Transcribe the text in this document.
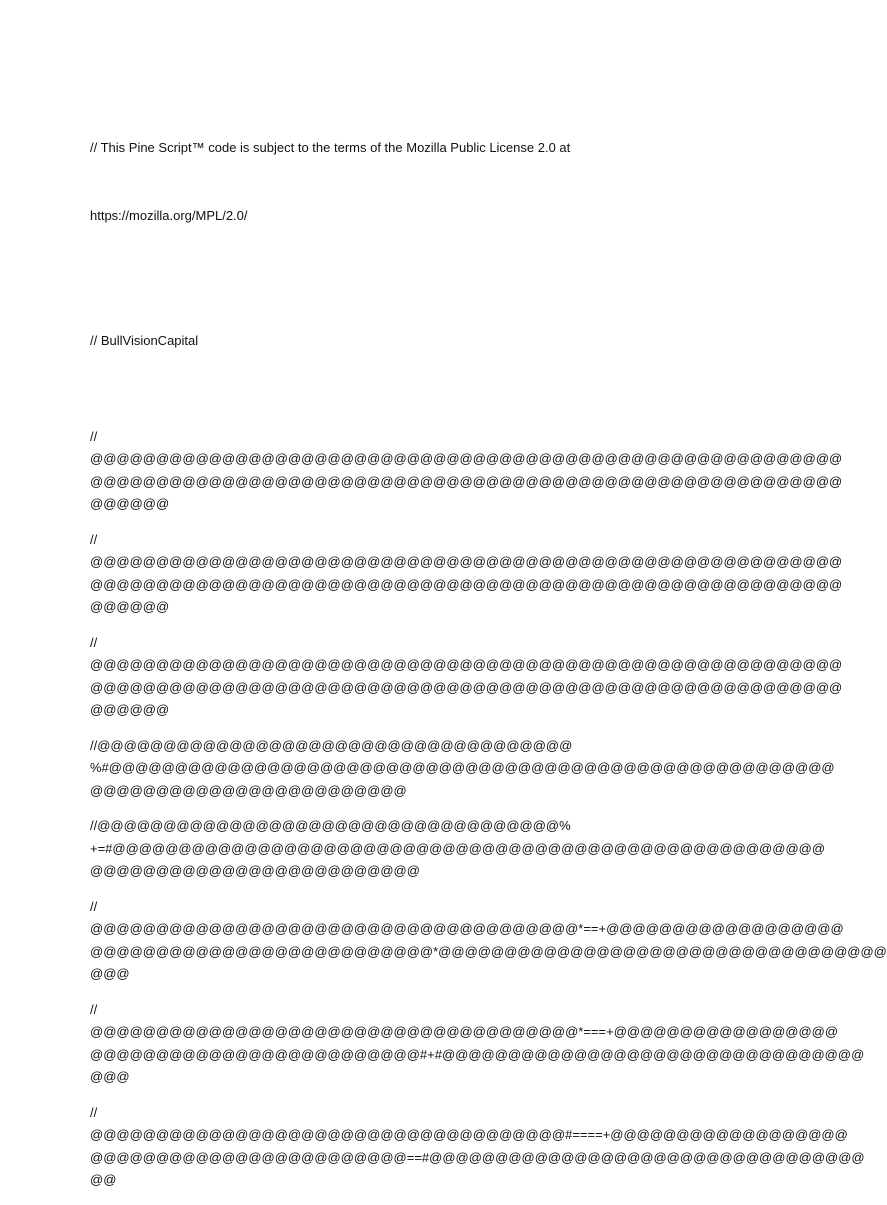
// This Pine Script™ code is subject to the terms of the Mozilla Public License 2.0 at

https://mozilla.org/MPL/2.0/

// BullVisionCapital

//
@@@@@@@@@@@@@@@@@@@@@@@@@@@@@@@@@@@@@@@@@@@@@@@@@@@@@@@@@
@@@@@@@@@@@@@@@@@@@@@@@@@@@@@@@@@@@@@@@@@@@@@@@@@@@@@@@@@
@@@@@@

//
@@@@@@@@@@@@@@@@@@@@@@@@@@@@@@@@@@@@@@@@@@@@@@@@@@@@@@@@@
@@@@@@@@@@@@@@@@@@@@@@@@@@@@@@@@@@@@@@@@@@@@@@@@@@@@@@@@@
@@@@@@

//
@@@@@@@@@@@@@@@@@@@@@@@@@@@@@@@@@@@@@@@@@@@@@@@@@@@@@@@@@
@@@@@@@@@@@@@@@@@@@@@@@@@@@@@@@@@@@@@@@@@@@@@@@@@@@@@@@@@
@@@@@@

//@@@@@@@@@@@@@@@@@@@@@@@@@@@@@@@@@@@@
%#@@@@@@@@@@@@@@@@@@@@@@@@@@@@@@@@@@@@@@@@@@@@@@@@@@@@@@@
@@@@@@@@@@@@@@@@@@@@@@@@

//@@@@@@@@@@@@@@@@@@@@@@@@@@@@@@@@@@@%
+=#@@@@@@@@@@@@@@@@@@@@@@@@@@@@@@@@@@@@@@@@@@@@@@@@@@@@@@
@@@@@@@@@@@@@@@@@@@@@@@@@

//
@@@@@@@@@@@@@@@@@@@@@@@@@@@@@@@@@@@@@*==+@@@@@@@@@@@@@@@@@@
@@@@@@@@@@@@@@@@@@@@@@@@@@*@@@@@@@@@@@@@@@@@@@@@@@@@@@@@@@@@@
@@@

//
@@@@@@@@@@@@@@@@@@@@@@@@@@@@@@@@@@@@@*===+@@@@@@@@@@@@@@@@@
@@@@@@@@@@@@@@@@@@@@@@@@@#+#@@@@@@@@@@@@@@@@@@@@@@@@@@@@@@@@
@@@

//
@@@@@@@@@@@@@@@@@@@@@@@@@@@@@@@@@@@@#====+@@@@@@@@@@@@@@@@@@
@@@@@@@@@@@@@@@@@@@@@@@@==#@@@@@@@@@@@@@@@@@@@@@@@@@@@@@@@@@
@@
